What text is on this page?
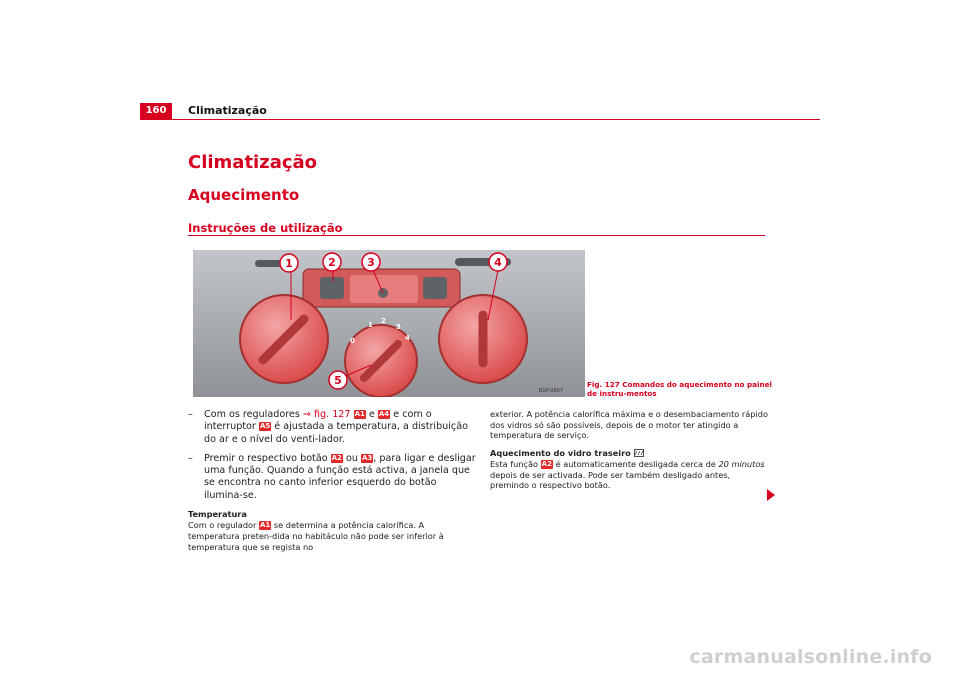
160	Climatização
Climatização
Aquecimento
Instruções de utilização
0
1 2
3
4
1	2	3	4
5
B1P-0667
Fig. 127 Comandos do aquecimento no painel de instru-mentos
– Com os reguladores ⇒ fig. 127 A1 e A4 e com o interruptor A5 é ajustada a temperatura, a distribuição do ar e o nível do venti-lador.
– Premir o respectivo botão A2 ou A3, para ligar e desligar uma função. Quando a função está activa, a janela que se encontra no canto inferior esquerdo do botão ilumina-se.
Temperatura

Com o regulador A1 se determina a potência calorífica. A temperatura preten-dida no habitáculo não pode ser inferior à temperatura que se regista no

exterior. A potência calorífica máxima e o desembaciamento rápido dos vidros só são possíveis, depois de o motor ter atingido a temperatura de serviço.

Aquecimento do vidro traseiro

Esta função A2 é automaticamente desligada cerca de 20 minutos depois de ser activada. Pode ser também desligado antes, premindo o respectivo botão.

carmanualsonline.info
